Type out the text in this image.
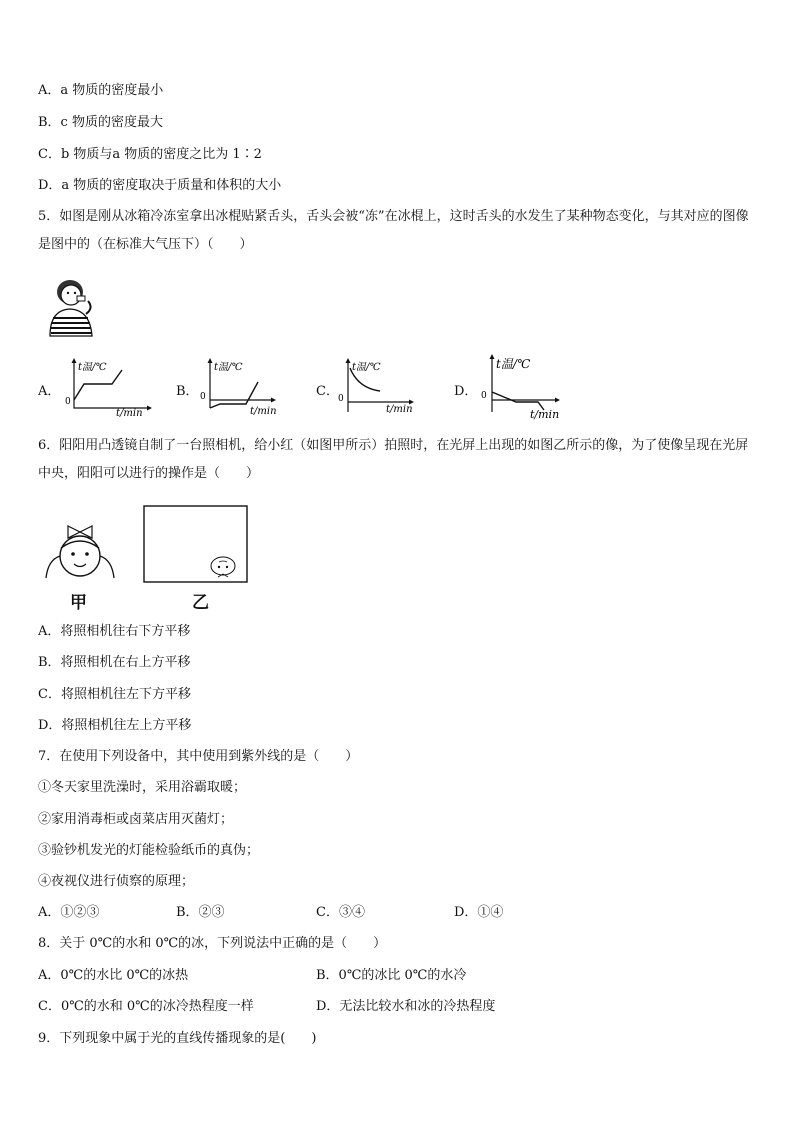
A．a 物质的密度最小
B．c 物质的密度最大
C．b 物质与a 物质的密度之比为 1∶2
D．a 物质的密度取决于质量和体积的大小
5．如图是刚从冰箱冷冻室拿出冰棍贴紧舌头，舌头会被“冻”在冰棍上，这时舌头的水发生了某种物态变化，与其对应的图像是图中的（在标准大气压下）（　　）
A．	B．	C．	D．
t温/℃
0
t/min
t温/℃
0
t/min
t温/℃
0
t/min
t温/℃
0
t/min
6．阳阳用凸透镜自制了一台照相机，给小红（如图甲所示）拍照时，在光屏上出现的如图乙所示的像，为了使像呈现在光屏中央，阳阳可以进行的操作是（　　）
甲	乙
A．将照相机往右下方平移
B．将照相机在右上方平移
C．将照相机往左下方平移
D．将照相机往左上方平移
7．在使用下列设备中，其中使用到紫外线的是（　　）
①冬天家里洗澡时，采用浴霸取暖；
②家用消毒柜或卤菜店用灭菌灯；
③验钞机发光的灯能检验纸币的真伪；
④夜视仪进行侦察的原理；
A．①②③	B．②③	C．③④	D．①④
8．关于 0℃的水和 0℃的冰，下列说法中正确的是（　　）
A．0℃的水比 0℃的冰热	B．0℃的冰比 0℃的水冷
C．0℃的水和 0℃的冰冷热程度一样	D．无法比较水和冰的冷热程度
9．下列现象中属于光的直线传播现象的是(　　)
